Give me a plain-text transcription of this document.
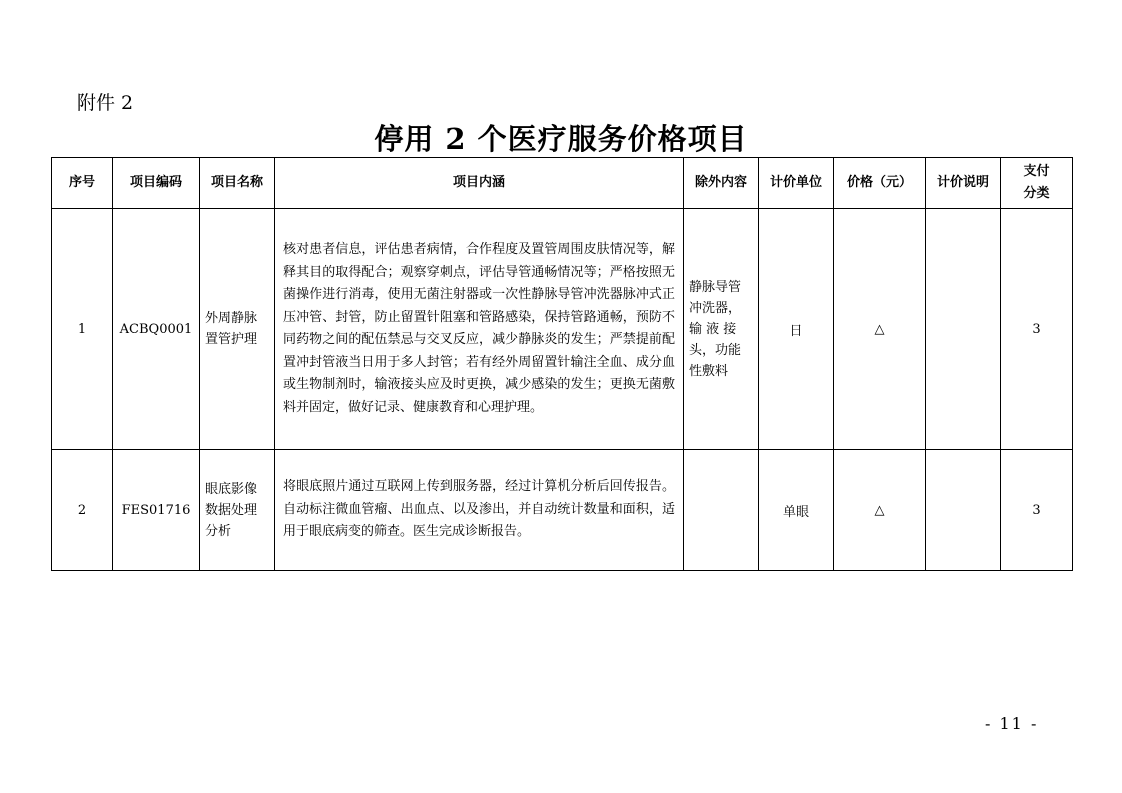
附件 2
停用 2 个医疗服务价格项目
序号	项目编码	项目名称	项目内涵	除外内容	计价单位	价格（元）	计价说明	支付
分类
1	ACBQ0001	外周静脉置管护理	核对患者信息，评估患者病情，合作程度及置管周围皮肤情况等，解释其目的取得配合；观察穿刺点，评估导管通畅情况等；严格按照无菌操作进行消毒，使用无菌注射器或一次性静脉导管冲洗器脉冲式正压冲管、封管，防止留置针阻塞和管路感染，保持管路通畅，预防不同药物之间的配伍禁忌与交叉反应，减少静脉炎的发生；严禁提前配置冲封管液当日用于多人封管；若有经外周留置针输注全血、成分血或生物制剂时，输液接头应及时更换，减少感染的发生；更换无菌敷料并固定，做好记录、健康教育和心理护理。	静脉导管冲洗器，输 液 接头，功能性敷料	日	△		3
2	FES01716	眼底影像数据处理分析	将眼底照片通过互联网上传到服务器，经过计算机分析后回传报告。自动标注微血管瘤、出血点、以及渗出，并自动统计数量和面积，适用于眼底病变的筛查。医生完成诊断报告。		单眼	△		3
- 11 -
